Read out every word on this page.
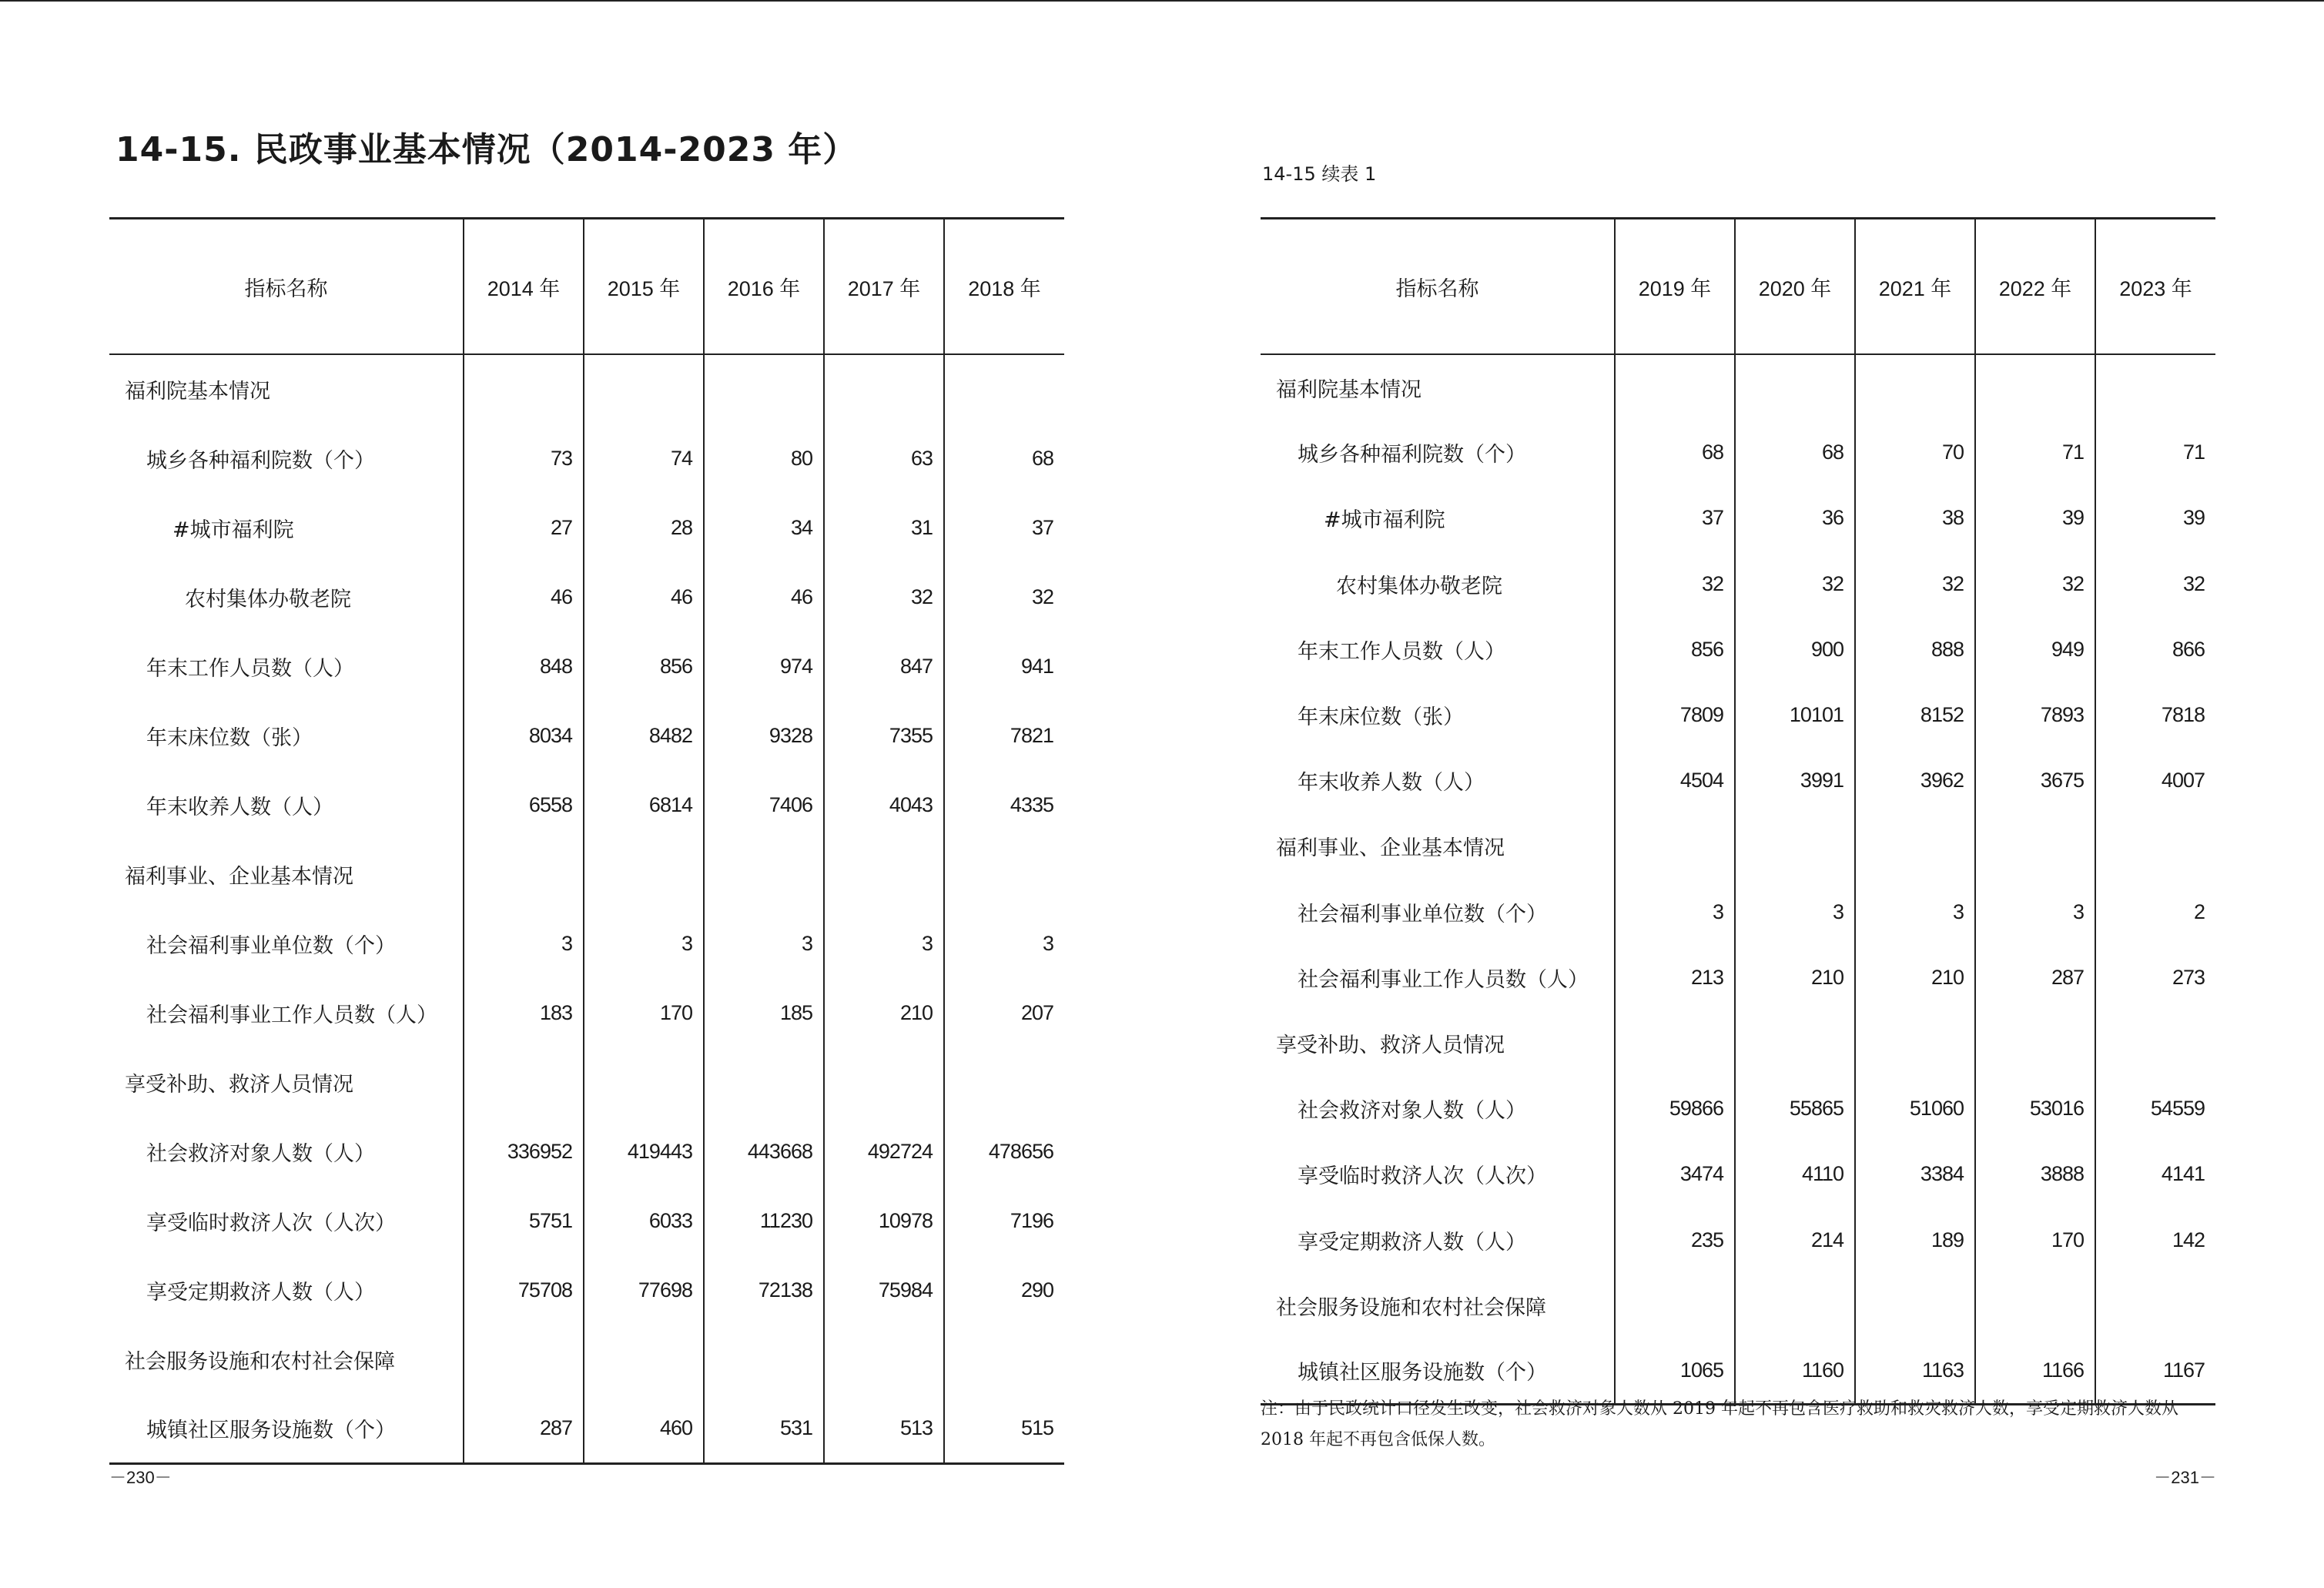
14-15. 民政事业基本情况（2014-2023 年）
指标名称	2014 年	2015 年	2016 年	2017 年	2018 年
福利院基本情况					
城乡各种福利院数（个）	73	74	80	63	68
#城市福利院	27	28	34	31	37
农村集体办敬老院	46	46	46	32	32
年末工作人员数（人）	848	856	974	847	941
年末床位数（张）	8034	8482	9328	7355	7821
年末收养人数（人）	6558	6814	7406	4043	4335
福利事业、企业基本情况					
社会福利事业单位数（个）	3	3	3	3	3
社会福利事业工作人员数（人）	183	170	185	210	207
享受补助、救济人员情况					
社会救济对象人数（人）	336952	419443	443668	492724	478656
享受临时救济人次（人次）	5751	6033	11230	10978	7196
享受定期救济人数（人）	75708	77698	72138	75984	290
社会服务设施和农村社会保障					
城镇社区服务设施数（个）	287	460	531	513	515
－230－
14-15 续表 1
指标名称	2019 年	2020 年	2021 年	2022 年	2023 年
福利院基本情况					
城乡各种福利院数（个）	68	68	70	71	71
#城市福利院	37	36	38	39	39
农村集体办敬老院	32	32	32	32	32
年末工作人员数（人）	856	900	888	949	866
年末床位数（张）	7809	10101	8152	7893	7818
年末收养人数（人）	4504	3991	3962	3675	4007
福利事业、企业基本情况					
社会福利事业单位数（个）	3	3	3	3	2
社会福利事业工作人员数（人）	213	210	210	287	273
享受补助、救济人员情况					
社会救济对象人数（人）	59866	55865	51060	53016	54559
享受临时救济人次（人次）	3474	4110	3384	3888	4141
享受定期救济人数（人）	235	214	189	170	142
社会服务设施和农村社会保障					
城镇社区服务设施数（个）	1065	1160	1163	1166	1167
注：由于民政统计口径发生改变，社会救济对象人数从 2019 年起不再包含医疗救助和救灾救济人数，享受定期救济人数从 2018 年起不再包含低保人数。
－231－
